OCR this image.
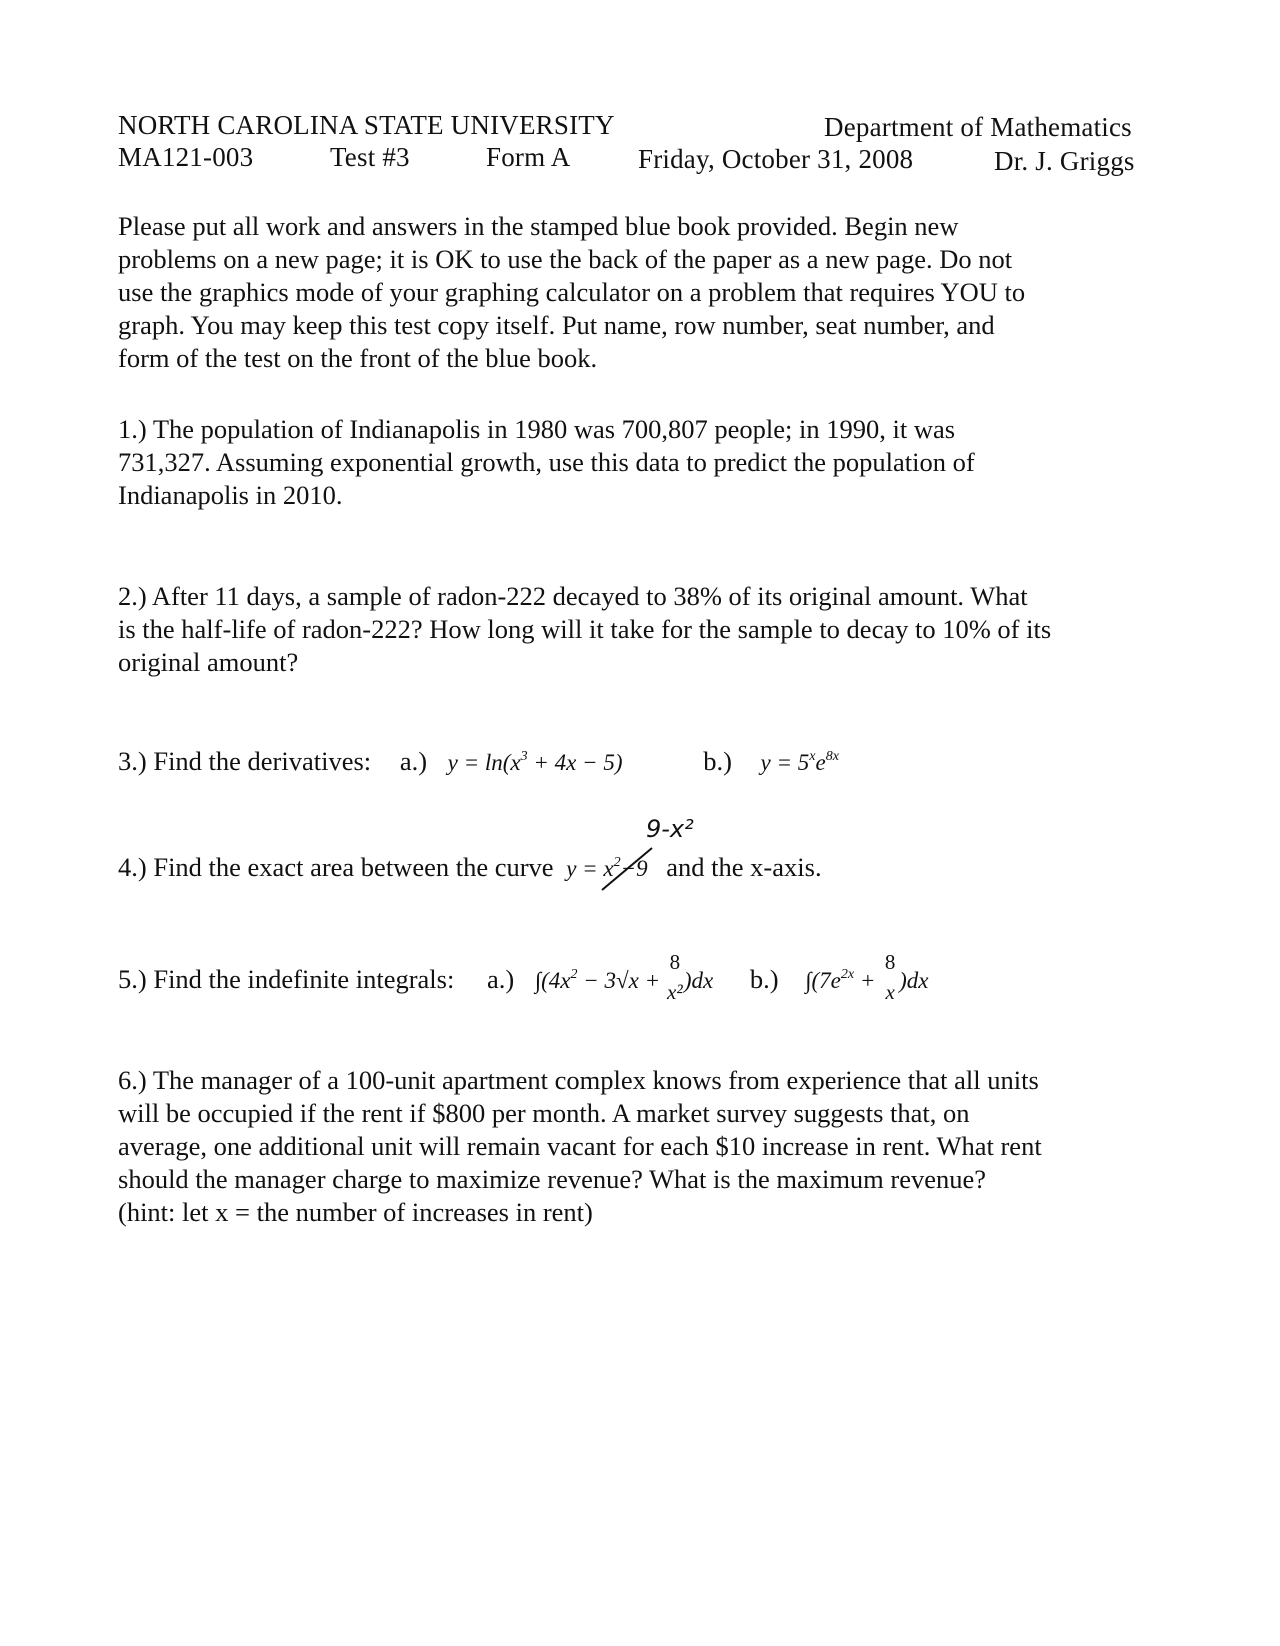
NORTH CAROLINA STATE UNIVERSITY	Department of Mathematics
MA121-003	Test #3	Form A	Friday, October 31, 2008	Dr. J. Griggs
Please put all work and answers in the stamped blue book provided. Begin new
problems on a new page; it is OK to use the back of the paper as a new page. Do not
use the graphics mode of your graphing calculator on a problem that requires YOU to
graph. You may keep this test copy itself. Put name, row number, seat number, and
form of the test on the front of the blue book.
1.) The population of Indianapolis in 1980 was 700,807 people; in 1990, it was
731,327. Assuming exponential growth, use this data to predict the population of
Indianapolis in 2010.
2.) After 11 days, a sample of radon-222 decayed to 38% of its original amount. What
is the half-life of radon-222? How long will it take for the sample to decay to 10% of its
original amount?
3.) Find the derivatives: a.) $y = \ln(x^3 + 4x - 5)$	b.) $y = 5^xe^{8x}$
9-x²
4.) Find the exact area between the curve $y = x^2-9$ and the x-axis.
5.) Find the indefinite integrals: a.) $\int(4x^2 - 3√x$ +
8

x² )dx b.) $\int(7e^{2x}$ +
8

x )dx
6.) The manager of a 100-unit apartment complex knows from experience that all units
will be occupied if the rent if $800 per month. A market survey suggests that, on
average, one additional unit will remain vacant for each $10 increase in rent. What rent
should the manager charge to maximize revenue? What is the maximum revenue?
(hint: let x = the number of increases in rent)
